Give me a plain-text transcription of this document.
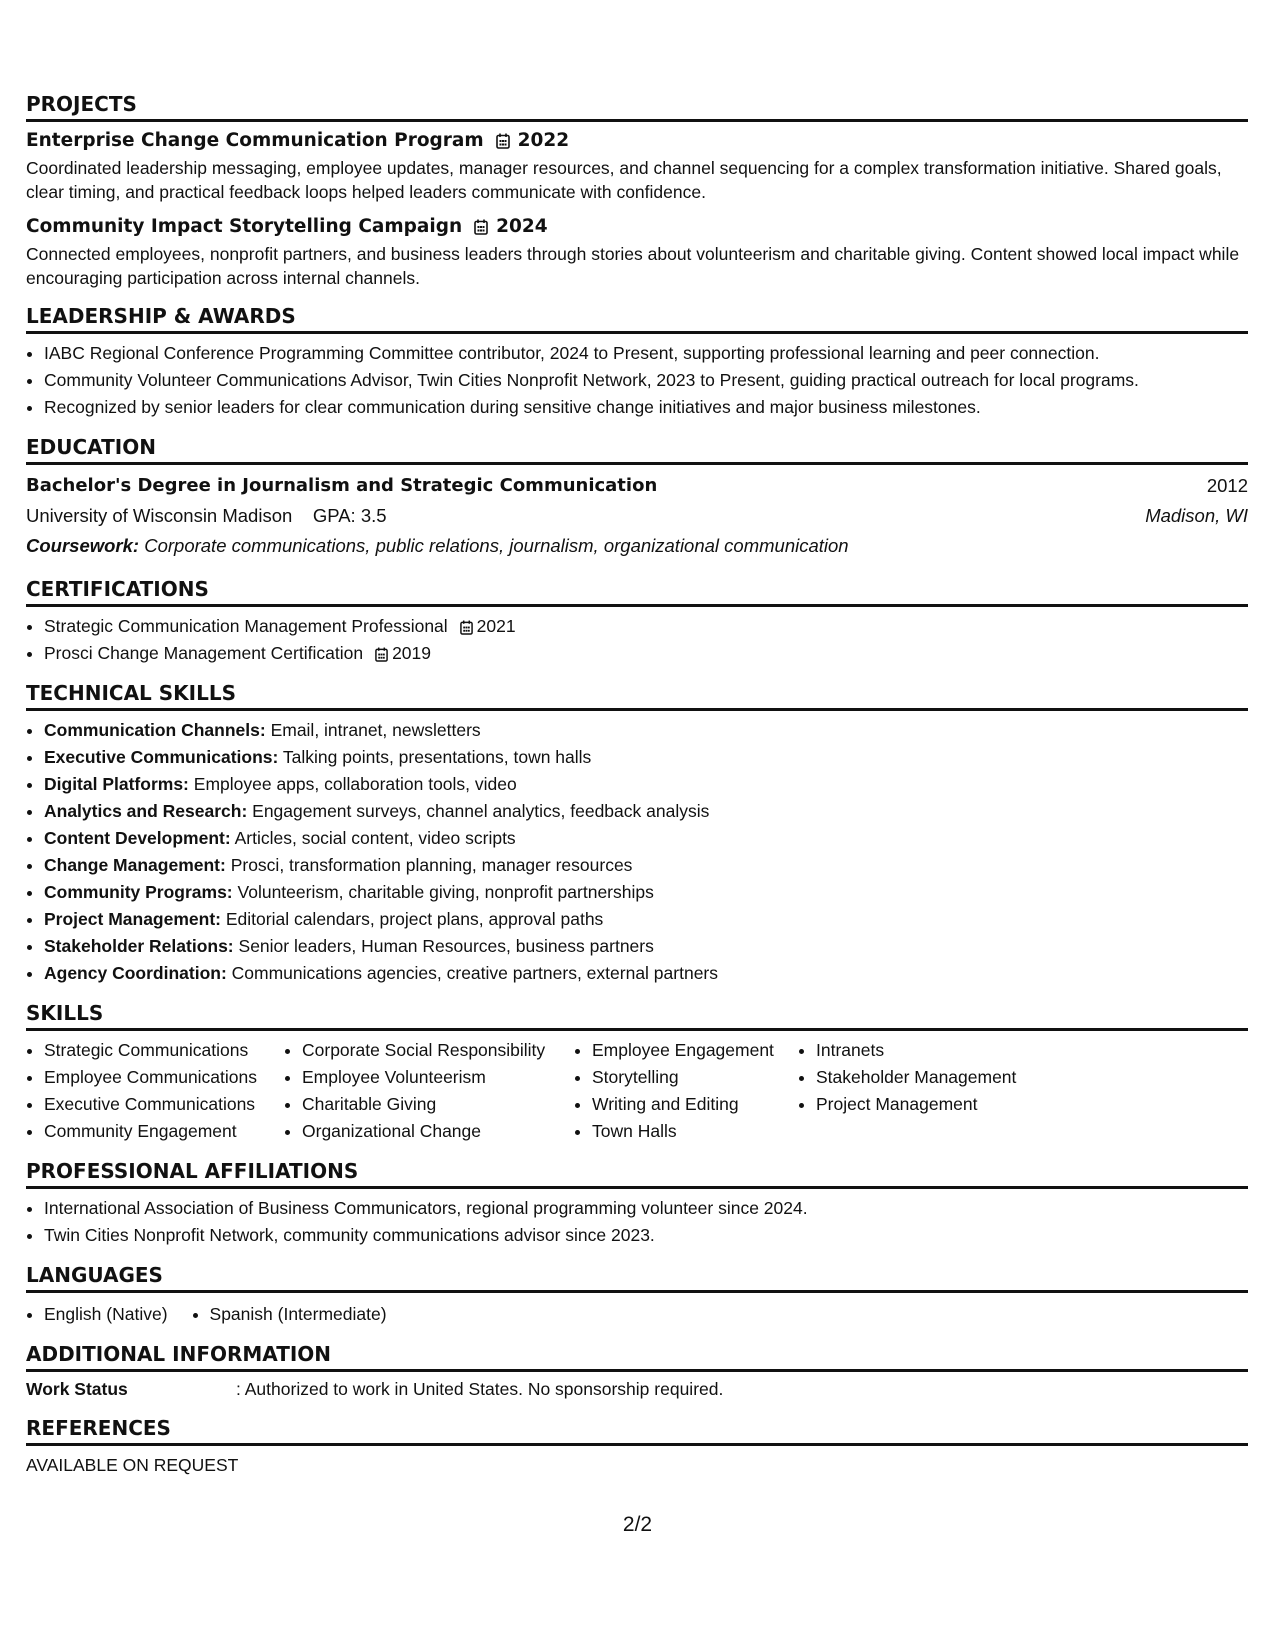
PROJECTS
Enterprise Change Communication Program 2022
Coordinated leadership messaging, employee updates, manager resources, and channel sequencing for a complex transformation initiative. Shared goals, clear timing, and practical feedback loops helped leaders communicate with confidence.
Community Impact Storytelling Campaign 2024
Connected employees, nonprofit partners, and business leaders through stories about volunteerism and charitable giving. Content showed local impact while encouraging participation across internal channels.
LEADERSHIP & AWARDS
• IABC Regional Conference Programming Committee contributor, 2024 to Present, supporting professional learning and peer connection.
• Community Volunteer Communications Advisor, Twin Cities Nonprofit Network, 2023 to Present, guiding practical outreach for local programs.
• Recognized by senior leaders for clear communication during sensitive change initiatives and major business milestones.
EDUCATION
Bachelor's Degree in Journalism and Strategic Communication	2012
University of Wisconsin Madison GPA: 3.5	Madison, WI
Coursework: Corporate communications, public relations, journalism, organizational communication
CERTIFICATIONS
• Strategic Communication Management Professional 2021
• Prosci Change Management Certification 2019
TECHNICAL SKILLS
• Communication Channels: Email, intranet, newsletters
• Executive Communications: Talking points, presentations, town halls
• Digital Platforms: Employee apps, collaboration tools, video
• Analytics and Research: Engagement surveys, channel analytics, feedback analysis
• Content Development: Articles, social content, video scripts
• Change Management: Prosci, transformation planning, manager resources
• Community Programs: Volunteerism, charitable giving, nonprofit partnerships
• Project Management: Editorial calendars, project plans, approval paths
• Stakeholder Relations: Senior leaders, Human Resources, business partners
• Agency Coordination: Communications agencies, creative partners, external partners
SKILLS
• Strategic Communications
• Employee Communications
• Executive Communications
• Community Engagement
• Corporate Social Responsibility
• Employee Volunteerism
• Charitable Giving
• Organizational Change
• Employee Engagement
• Storytelling
• Writing and Editing
• Town Halls
• Intranets
• Stakeholder Management
• Project Management
PROFESSIONAL AFFILIATIONS
• International Association of Business Communicators, regional programming volunteer since 2024.
• Twin Cities Nonprofit Network, community communications advisor since 2023.
LANGUAGES
• English (Native)
• Spanish (Intermediate)
ADDITIONAL INFORMATION
Work Status	: Authorized to work in United States. No sponsorship required.
REFERENCES
AVAILABLE ON REQUEST
2/2
